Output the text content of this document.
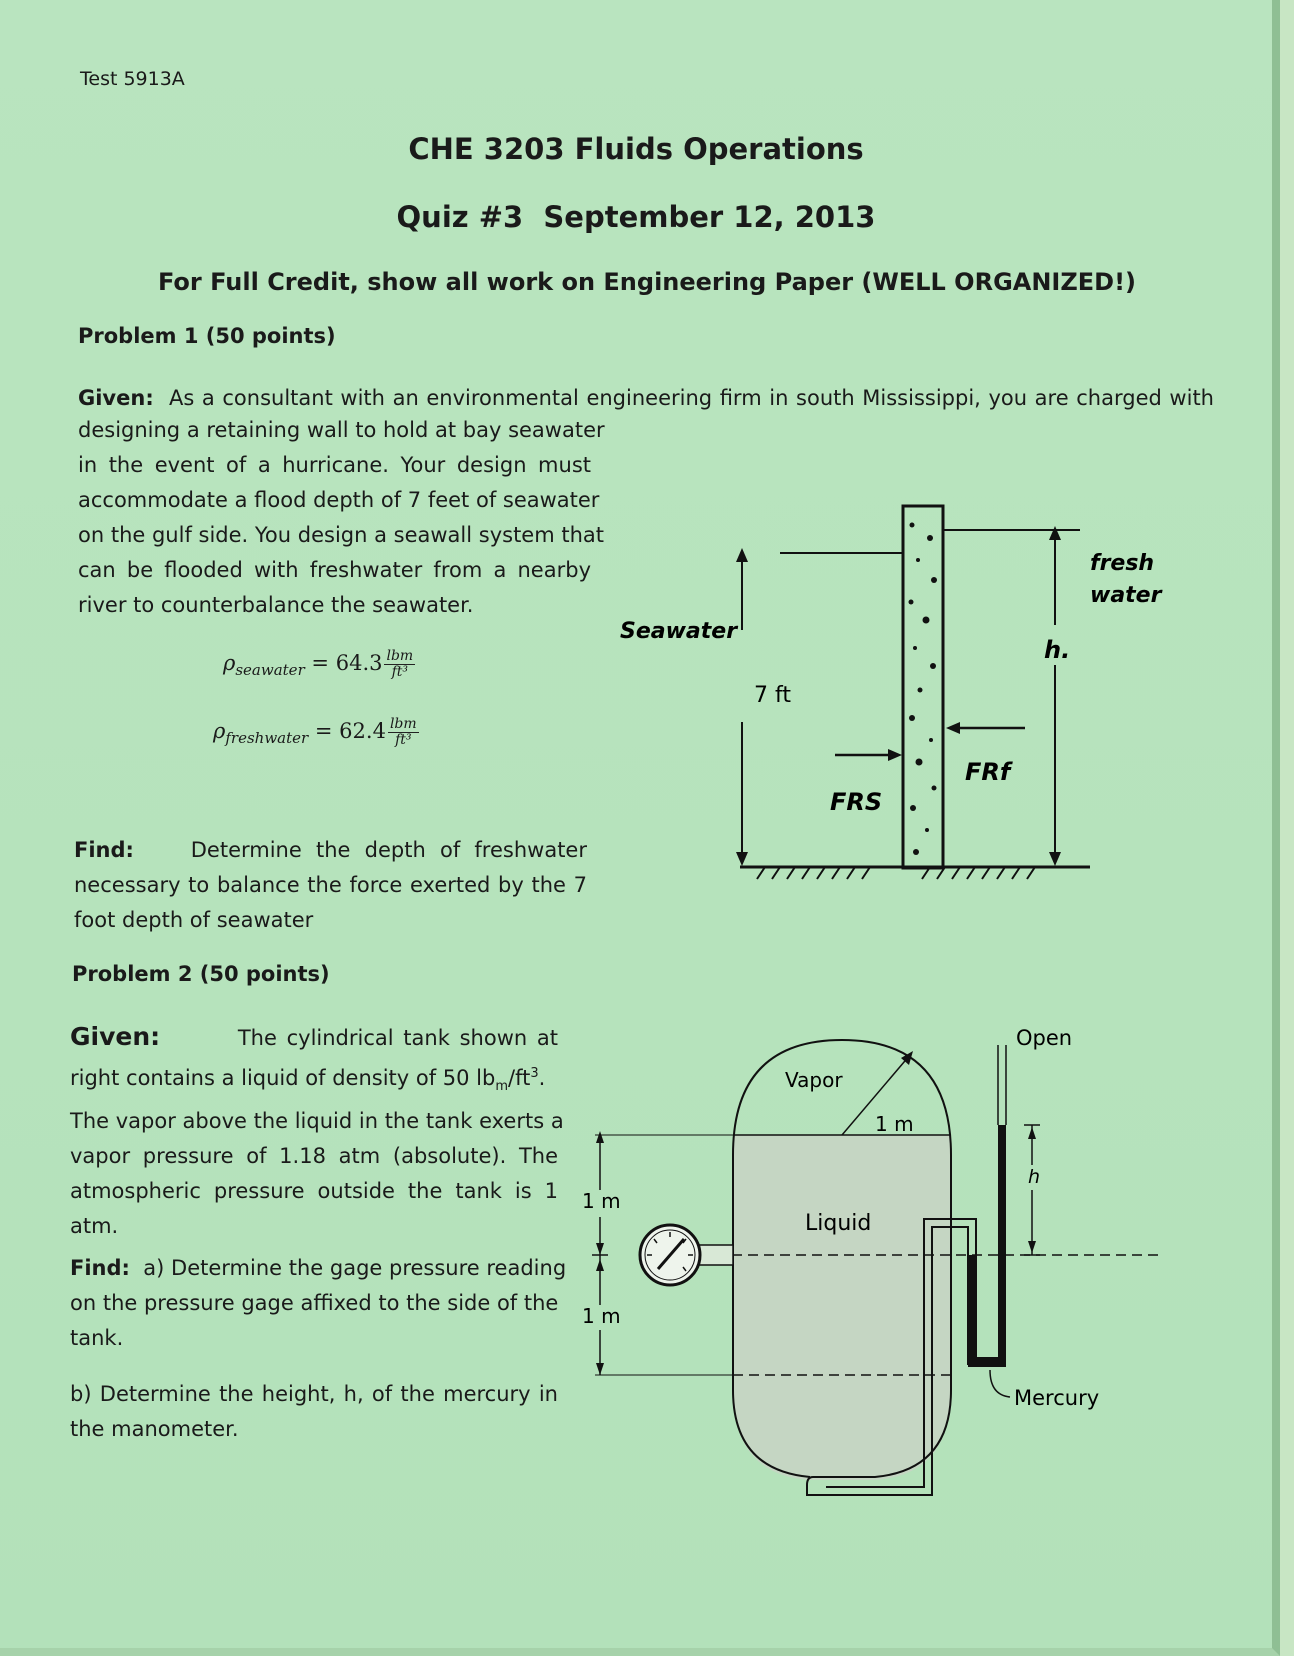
Test 5913A
CHE 3203 Fluids Operations
Quiz #3  September 12, 2013
For Full Credit, show all work on Engineering Paper (WELL ORGANIZED!)
Problem 1 (50 points)
Given: As a consultant with an environmental engineering firm in south Mississippi, you are charged with
designing a retaining wall to hold at bay seawater
in the event of a hurricane. Your design must
accommodate a flood depth of 7 feet of seawater
on the gulf side. You design a seawall system that
can be flooded with freshwater from a nearby
river to counterbalance the seawater.
$\rho_{seawater} = 64.3 \frac{\text{lbm}}{\text{ft³}}$
$\rho_{freshwater} = 62.4 \frac{\text{lbm}}{\text{ft³}}$
Find:	Determine the depth of freshwater
necessary to balance the force exerted by the 7
foot depth of seawater
Problem 2 (50 points)
Given:	The cylindrical tank shown at
right contains a liquid of density of 50 $lb_m/ft^3$.
The vapor above the liquid in the tank exerts a
vapor pressure of 1.18 atm (absolute). The
atmospheric pressure outside the tank is 1
atm.
Find: a) Determine the gage pressure reading
on the pressure gage affixed to the side of the
tank.
b) Determine the height, h, of the mercury in
the manometer.
Seawater
7 ft
FRS
h.
fresh
water
FRf
Vapor
1 m
Liquid
1 m
1 m
Open
h
Mercury
